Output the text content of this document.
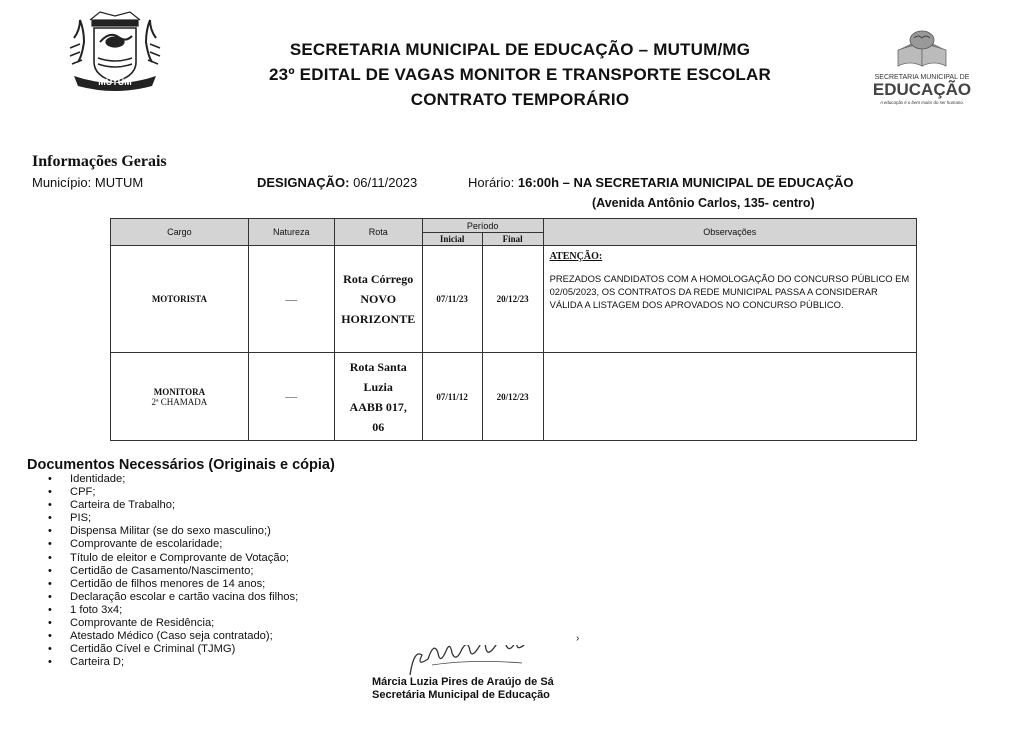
MUTUM
SECRETARIA MUNICIPAL DE EDUCAÇÃO – MUTUM/MG
23º EDITAL DE VAGAS MONITOR E TRANSPORTE ESCOLAR
CONTRATO TEMPORÁRIO
SECRETARIA MUNICIPAL DE
EDUCAÇÃO
A educação é o bem maior do ser humano.
Informações Gerais
Município: MUTUM	DESIGNAÇÃO: 06/11/2023	Horário: 16:00h – NA SECRETARIA MUNICIPAL DE EDUCAÇÃO
(Avenida Antônio Carlos, 135- centro)
Cargo	Natureza	Rota	Período		Observações
			Inicial	Final	

MOTORISTA	—	Rota Córrego NOVO HORIZONTE	07/11/23	20/12/23	ATENÇÃO:
PREZADOS CANDIDATOS COM A HOMOLOGAÇÃO DO CONCURSO PÚBLICO EM 02/05/2023, OS CONTRATOS DA REDE MUNICIPAL PASSA A CONSIDERAR VÁLIDA A LISTAGEM DOS APROVADOS NO CONCURSO PÚBLICO.

MONITORA
2ª CHAMADA	—	Rota Santa Luzia AABB 017, 06	07/11/12	20/12/23	
Documentos Necessários (Originais e cópia)
• Identidade;
• CPF;
• Carteira de Trabalho;
• PIS;
• Dispensa Militar (se do sexo masculino;)
• Comprovante de escolaridade;
• Título de eleitor e Comprovante de Votação;
• Certidão de Casamento/Nascimento;
• Certidão de filhos menores de 14 anos;
• Declaração escolar e cartão vacina dos filhos;
• 1 foto 3x4;
• Comprovante de Residência;
• Atestado Médico (Caso seja contratado);
• Certidão Cível e Criminal (TJMG)
• Carteira D;
›
Márcia Luzia Pires de Araújo de Sá
Secretária Municipal de Educação
